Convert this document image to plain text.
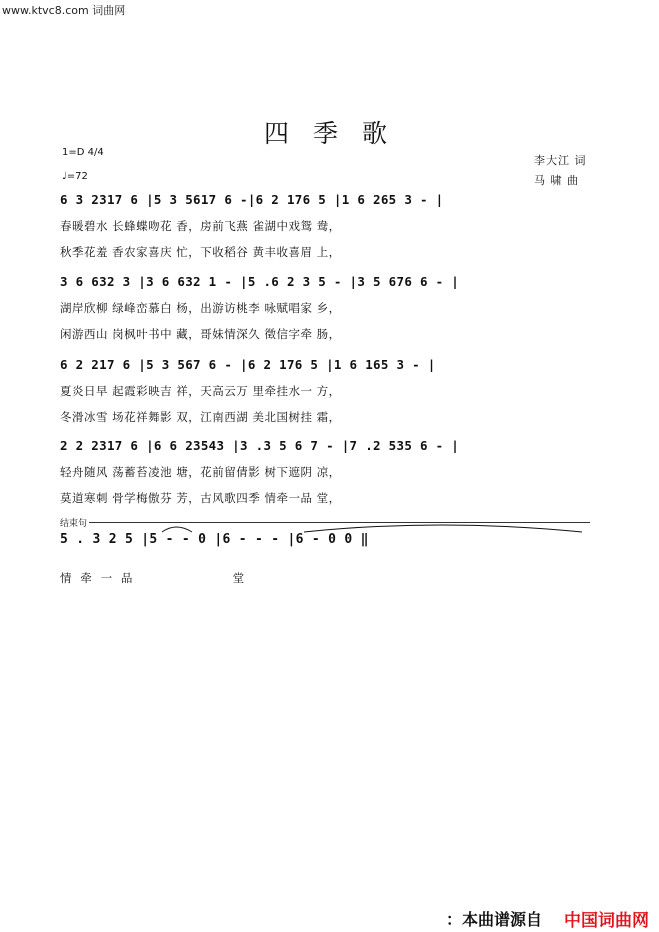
www.ktvc8.com 词曲网
四 季 歌
1=D 4/4
♩=72
李大江 词
马 啸 曲
6 3 2317 6 |5 3 5617 6 -|6 2 176 5 |1 6 265 3 - |
春暖碧水 长蜂蝶吻花 香，房前飞燕 雀湖中戏鸳 鸯，
秋季花羞 香农家喜庆 忙，下收稻谷 黄丰收喜眉 上，
3 6 632 3 |3 6 632 1 - |5 .6 2 3 5 - |3 5 676 6 - |
湖岸欣柳 绿峰峦慕白 杨，出游访桃李 咏赋唱家 乡，
闲游西山 岗枫叶书中 藏，哥妹情深久 徵信字牵 肠，
6 2 217 6 |5 3 567 6 - |6 2 176 5 |1 6 165 3 - |
夏炎日早 起霞彩映吉 祥，天高云万 里牵挂水一 方，
冬滑冰雪 场花祥舞影 双，江南西湖 美北国树挂 霜，
2 2 2317 6 |6 6 23543 |3 .3 5 6 7 - |7 .2 535 6 - |
轻舟随风 荡蓄苔凌池 塘，花前留倩影 树下遮阴 凉，
莫道寒刺 骨学梅傲芬 芳，古风歌四季 情牵一品 堂，
结束句
5 . 3 2 5 |5 - - 0 |6 - - - |6 - 0 0 ‖
情  牵  一  品                        堂
：本曲谱源自 中国词曲网
